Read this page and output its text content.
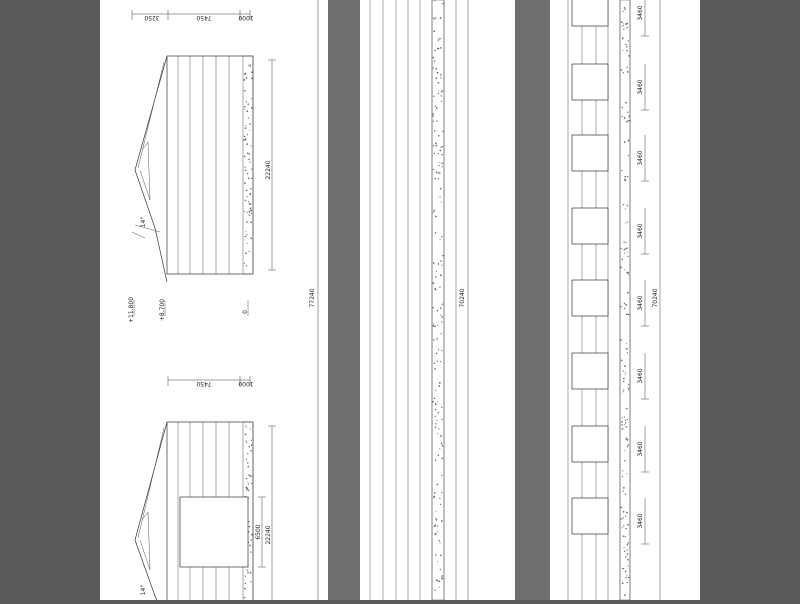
3250	7450	1000
14°
22240
+11.800	+8.700	0
77240
7450	1000
14°
22240
6500
70240
3460
3460
3460
3460
3460
3460
3460
3460
70240
